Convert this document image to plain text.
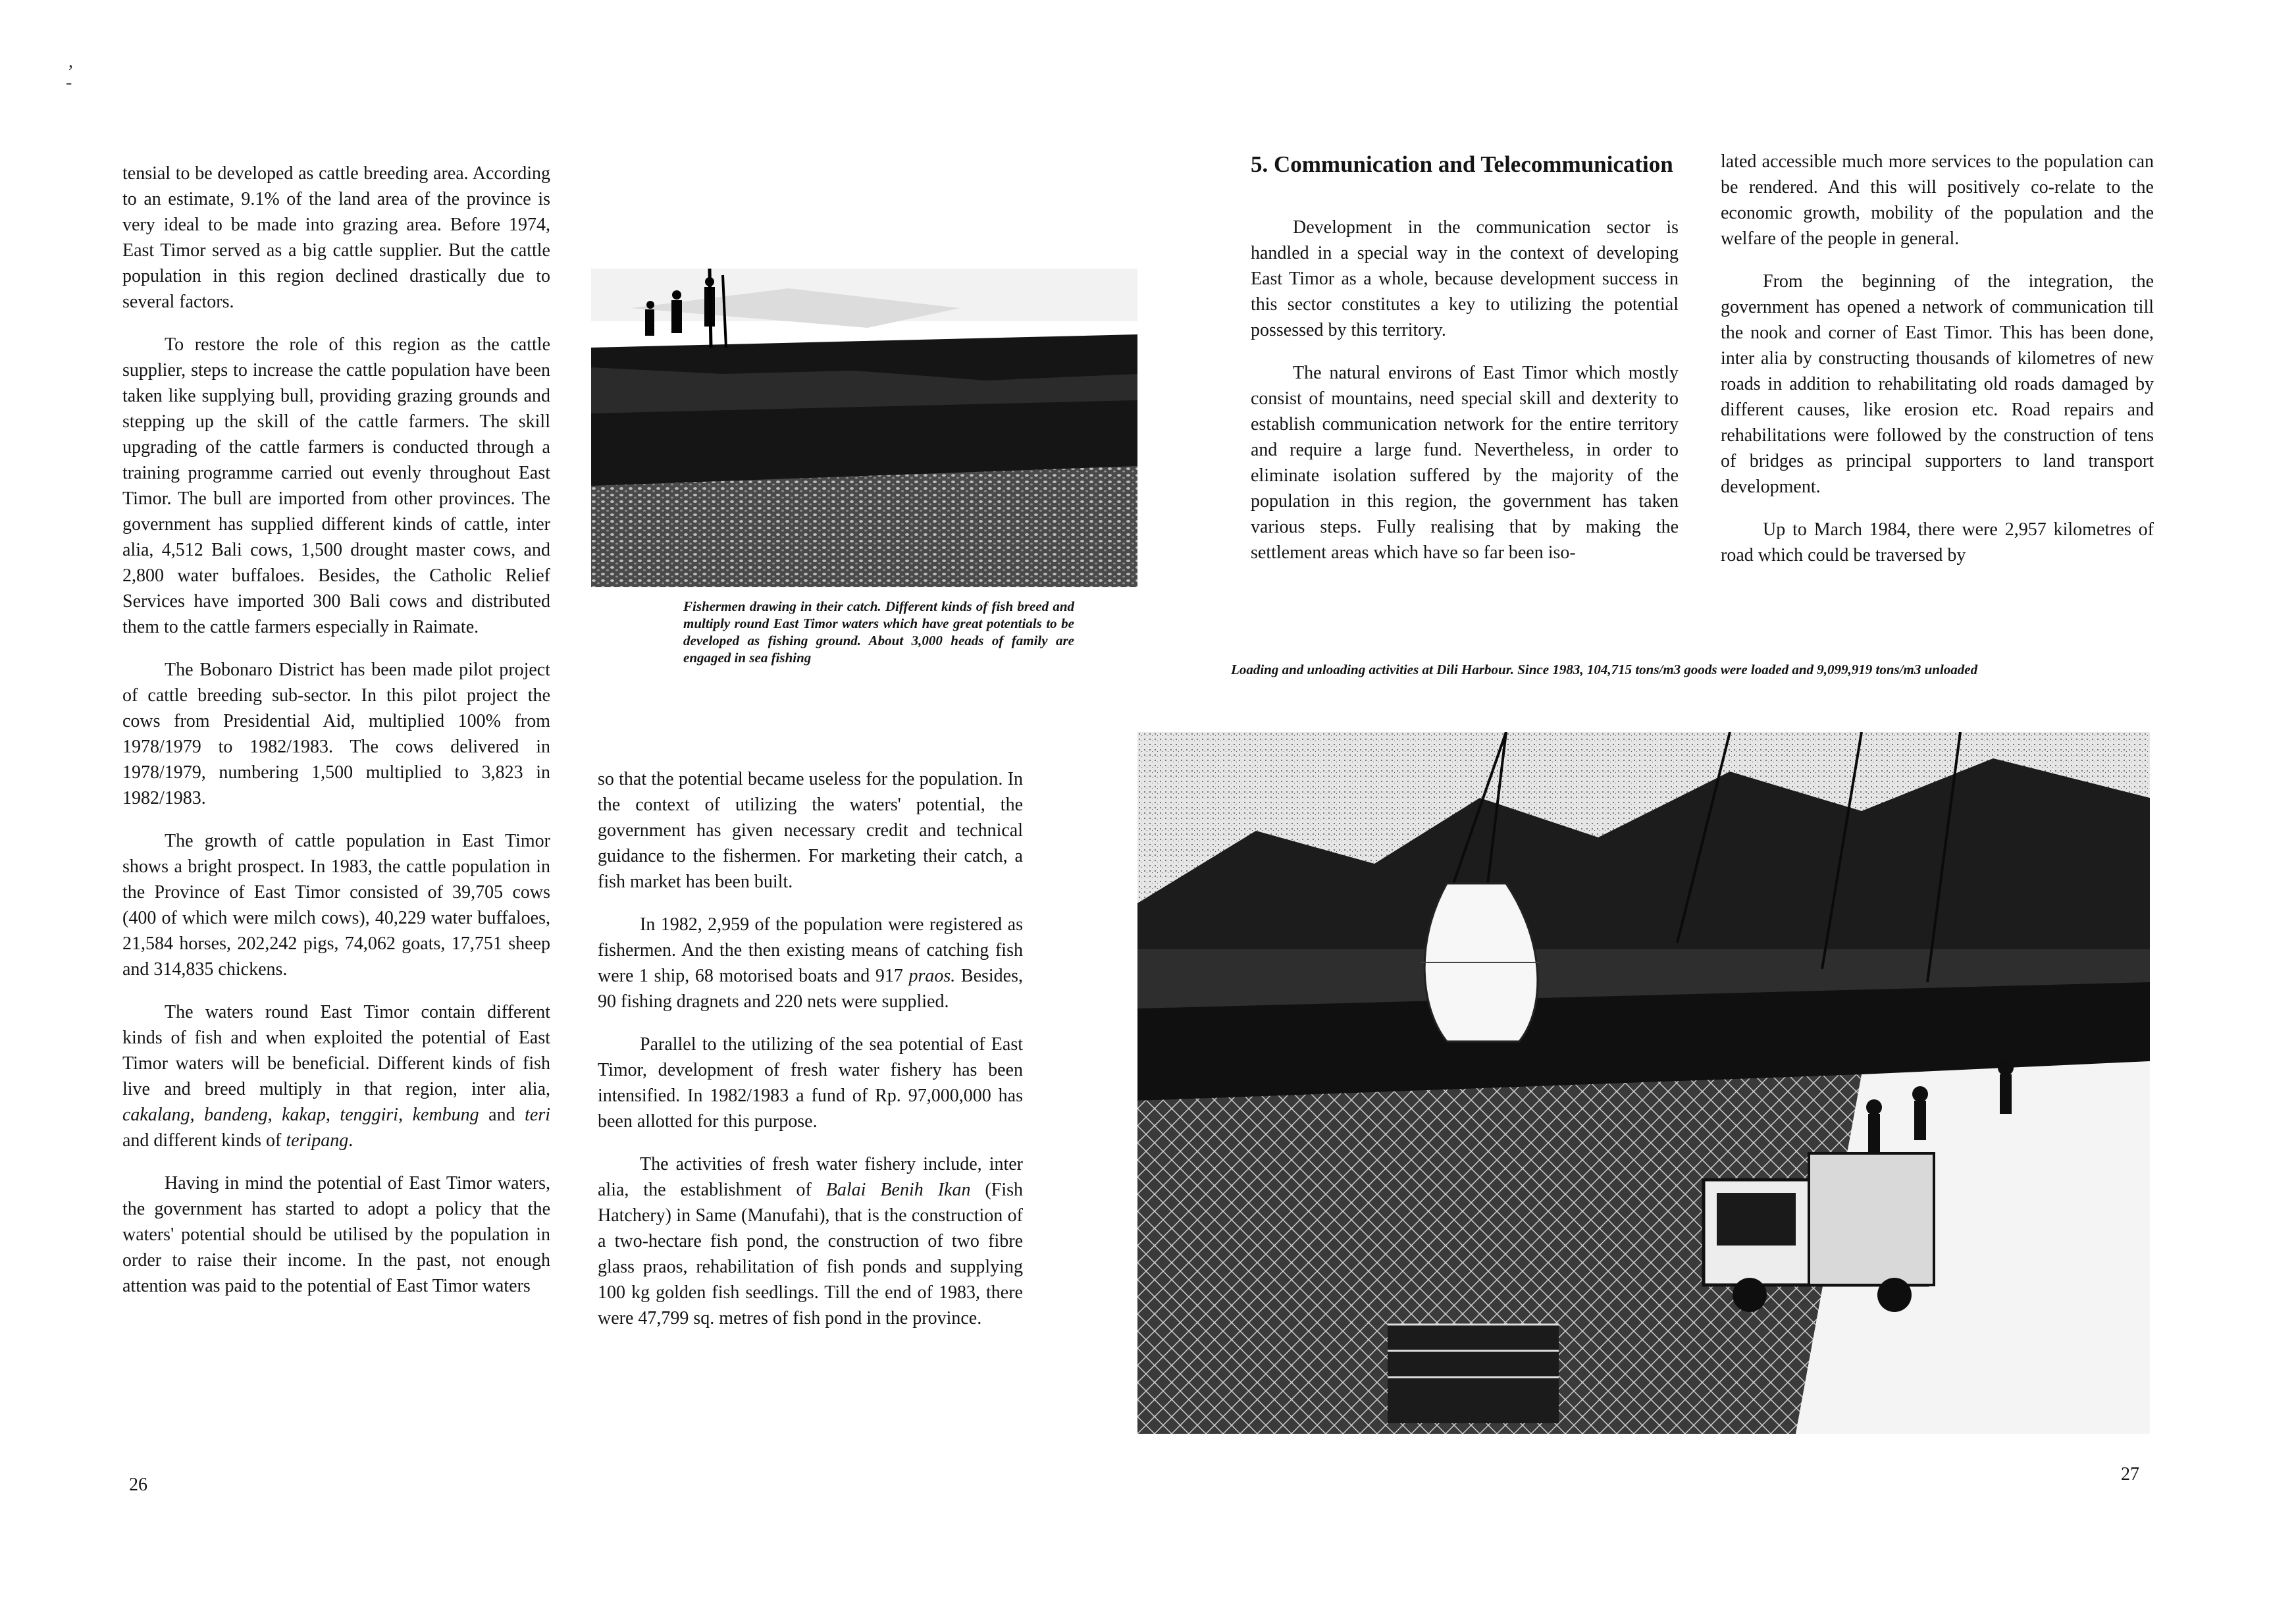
,
-

tensial to be developed as cattle breeding area. According to an estimate, 9.1% of the land area of the province is very ideal to be made into grazing area. Before 1974, East Timor served as a big cattle supplier. But the cattle population in this region declined drastically due to several factors.

To restore the role of this region as the cattle supplier, steps to increase the cattle population have been taken like supplying bull, providing grazing grounds and stepping up the skill of the cattle farmers. The skill upgrading of the cattle farmers is conducted through a training programme carried out evenly throughout East Timor. The bull are imported from other provinces. The government has supplied different kinds of cattle, inter alia, 4,512 Bali cows, 1,500 drought master cows, and 2,800 water buffaloes. Besides, the Catholic Relief Services have imported 300 Bali cows and distributed them to the cattle farmers especially in Raimate.

The Bobonaro District has been made pilot project of cattle breeding sub-sector. In this pilot project the cows from Presidential Aid, multiplied 100% from 1978/1979 to 1982/1983. The cows delivered in 1978/1979, numbering 1,500 multiplied to 3,823 in 1982/1983.

The growth of cattle population in East Timor shows a bright prospect. In 1983, the cattle population in the Province of East Timor consisted of 39,705 cows (400 of which were milch cows), 40,229 water buffaloes, 21,584 horses, 202,242 pigs, 74,062 goats, 17,751 sheep and 314,835 chickens.

The waters round East Timor contain different kinds of fish and when exploited the potential of East Timor waters will be beneficial. Different kinds of fish live and breed multiply in that region, inter alia, cakalang, bandeng, kakap, tenggiri, kembung and teri and different kinds of teripang.

Having in mind the potential of East Timor waters, the government has started to adopt a policy that the waters' potential should be utilised by the population in order to raise their income. In the past, not enough attention was paid to the potential of East Timor waters

Fishermen drawing in their catch. Different kinds of fish breed and multiply round East Timor waters which have great potentials to be developed as fishing ground. About 3,000 heads of family are engaged in sea fishing

so that the potential became useless for the population. In the context of utilizing the waters' potential, the government has given necessary credit and technical guidance to the fishermen. For marketing their catch, a fish market has been built.

In 1982, 2,959 of the population were registered as fishermen. And the then existing means of catching fish were 1 ship, 68 motorised boats and 917 praos. Besides, 90 fishing dragnets and 220 nets were supplied.

Parallel to the utilizing of the sea potential of East Timor, development of fresh water fishery has been intensified. In 1982/1983 a fund of Rp. 97,000,000 has been allotted for this purpose.

The activities of fresh water fishery include, inter alia, the establishment of Balai Benih Ikan (Fish Hatchery) in Same (Manufahi), that is the construction of a two-hectare fish pond, the construction of two fibre glass praos, rehabilitation of fish ponds and supplying 100 kg golden fish seedlings. Till the end of 1983, there were 47,799 sq. metres of fish pond in the province.

26
5. Communication and Telecommunication

Development in the communication sector is handled in a special way in the context of developing East Timor as a whole, because development success in this sector constitutes a key to utilizing the potential possessed by this territory.

The natural environs of East Timor which mostly consist of mountains, need special skill and dexterity to establish communication network for the entire territory and require a large fund. Nevertheless, in order to eliminate isolation suffered by the majority of the population in this region, the government has taken various steps. Fully realising that by making the settlement areas which have so far been iso-

lated accessible much more services to the population can be rendered. And this will positively co-relate to the economic growth, mobility of the population and the welfare of the people in general.

From the beginning of the integration, the government has opened a network of communication till the nook and corner of East Timor. This has been done, inter alia by constructing thousands of kilometres of new roads in addition to rehabilitating old roads damaged by different causes, like erosion etc. Road repairs and rehabilitations were followed by the construction of tens of bridges as principal supporters to land transport development.

Up to March 1984, there were 2,957 kilometres of road which could be traversed by

Loading and unloading activities at Dili Harbour. Since 1983, 104,715 tons/m3 goods were loaded and 9,099,919 tons/m3 unloaded
27
